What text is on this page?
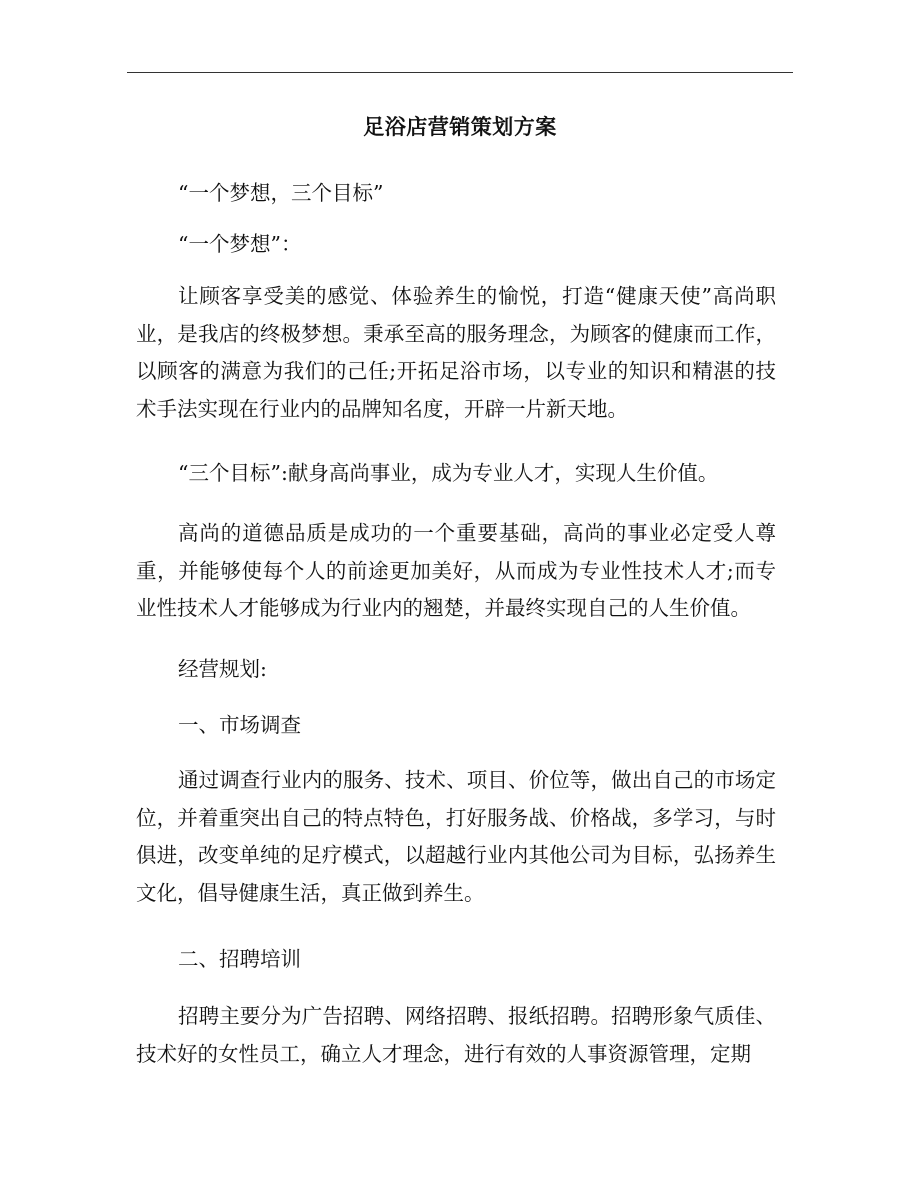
足浴店营销策划方案

“一个梦想，三个目标”

“一个梦想”：

让顾客享受美的感觉、体验养生的愉悦，打造“健康天使”高尚职业，是我店的终极梦想。秉承至高的服务理念，为顾客的健康而工作，以顾客的满意为我们的己任;开拓足浴市场，以专业的知识和精湛的技术手法实现在行业内的品牌知名度，开辟一片新天地。

“三个目标”:献身高尚事业，成为专业人才，实现人生价值。

高尚的道德品质是成功的一个重要基础，高尚的事业必定受人尊重，并能够使每个人的前途更加美好，从而成为专业性技术人才;而专业性技术人才能够成为行业内的翘楚，并最终实现自己的人生价值。

经营规划:

一、市场调查

通过调查行业内的服务、技术、项目、价位等，做出自己的市场定位，并着重突出自己的特点特色，打好服务战、价格战，多学习，与时俱进，改变单纯的足疗模式，以超越行业内其他公司为目标，弘扬养生文化，倡导健康生活，真正做到养生。

二、招聘培训

招聘主要分为广告招聘、网络招聘、报纸招聘。招聘形象气质佳、技术好的女性员工，确立人才理念，进行有效的人事资源管理，定期
